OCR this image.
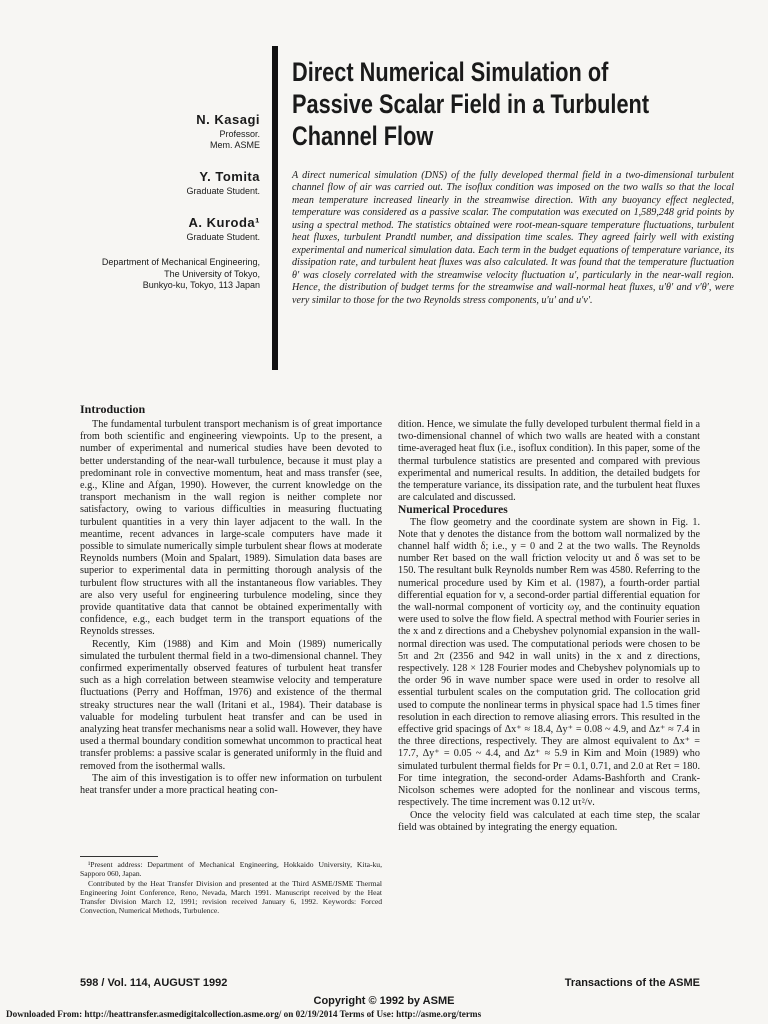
N. Kasagi

Professor.
Mem. ASME

Y. Tomita

Graduate Student.

A. Kuroda¹

Graduate Student.

Department of Mechanical Engineering,

The University of Tokyo,

Bunkyo-ku, Tokyo, 113 Japan

Direct Numerical Simulation of
Passive Scalar Field in a Turbulent
Channel Flow

A direct numerical simulation (DNS) of the fully developed thermal field in a two-dimensional turbulent channel flow of air was carried out. The isoflux condition was imposed on the two walls so that the local mean temperature increased linearly in the streamwise direction. With any buoyancy effect neglected, temperature was considered as a passive scalar. The computation was executed on 1,589,248 grid points by using a spectral method. The statistics obtained were root-mean-square temperature fluctuations, turbulent heat fluxes, turbulent Prandtl number, and dissipation time scales. They agreed fairly well with existing experimental and numerical simulation data. Each term in the budget equations of temperature variance, its dissipation rate, and turbulent heat fluxes was also calculated. It was found that the temperature fluctuation θ′ was closely correlated with the streamwise velocity fluctuation u′, particularly in the near-wall region. Hence, the distribution of budget terms for the streamwise and wall-normal heat fluxes, u′θ′ and v′θ′, were very similar to those for the two Reynolds stress components, u′u′ and u′v′.

Introduction

The fundamental turbulent transport mechanism is of great importance from both scientific and engineering viewpoints. Up to the present, a number of experimental and numerical studies have been devoted to better understanding of the near-wall turbulence, because it must play a predominant role in convective momentum, heat and mass transfer (see, e.g., Kline and Afgan, 1990). However, the current knowledge on the transport mechanism in the wall region is neither complete nor satisfactory, owing to various difficulties in measuring fluctuating turbulent quantities in a very thin layer adjacent to the wall. In the meantime, recent advances in large-scale computers have made it possible to simulate numerically simple turbulent shear flows at moderate Reynolds numbers (Moin and Spalart, 1989). Simulation data bases are superior to experimental data in permitting thorough analysis of the turbulent flow structures with all the instantaneous flow variables. They are also very useful for engineering turbulence modeling, since they provide quantitative data that cannot be obtained experimentally with confidence, e.g., each budget term in the transport equations of the Reynolds stresses.

Recently, Kim (1988) and Kim and Moin (1989) numerically simulated the turbulent thermal field in a two-dimensional channel. They confirmed experimentally observed features of turbulent heat transfer such as a high correlation between steamwise velocity and temperature fluctuations (Perry and Hoffman, 1976) and existence of the thermal streaky structures near the wall (Iritani et al., 1984). Their database is valuable for modeling turbulent heat transfer and can be used in analyzing heat transfer mechanisms near a solid wall. However, they have used a thermal boundary condition somewhat uncommon to practical heat transfer problems: a passive scalar is generated uniformly in the fluid and removed from the isothermal walls.

The aim of this investigation is to offer new information on turbulent heat transfer under a more practical heating con-

dition. Hence, we simulate the fully developed turbulent thermal field in a two-dimensional channel of which two walls are heated with a constant time-averaged heat flux (i.e., isoflux condition). In this paper, some of the thermal turbulence statistics are presented and compared with previous experimental and numerical results. In addition, the detailed budgets for the temperature variance, its dissipation rate, and the turbulent heat fluxes are calculated and discussed.

Numerical Procedures

The flow geometry and the coordinate system are shown in Fig. 1. Note that y denotes the distance from the bottom wall normalized by the channel half width δ; i.e., y = 0 and 2 at the two walls. The Reynolds number Reτ based on the wall friction velocity uτ and δ was set to be 150. The resultant bulk Reynolds number Rem was 4580. Referring to the numerical procedure used by Kim et al. (1987), a fourth-order partial differential equation for v, a second-order partial differential equation for the wall-normal component of vorticity ωy, and the continuity equation were used to solve the flow field. A spectral method with Fourier series in the x and z directions and a Chebyshev polynomial expansion in the wall-normal direction was used. The computational periods were chosen to be 5π and 2π (2356 and 942 in wall units) in the x and z directions, respectively. 128 × 128 Fourier modes and Chebyshev polynomials up to the order 96 in wave number space were used in order to resolve all essential turbulent scales on the computation grid. The collocation grid used to compute the nonlinear terms in physical space had 1.5 times finer resolution in each direction to remove aliasing errors. This resulted in the effective grid spacings of Δx⁺ ≈ 18.4, Δy⁺ = 0.08 ~ 4.9, and Δz⁺ ≈ 7.4 in the three directions, respectively. They are almost equivalent to Δx⁺ = 17.7, Δy⁺ = 0.05 ~ 4.4, and Δz⁺ ≈ 5.9 in Kim and Moin (1989) who simulated turbulent thermal fields for Pr = 0.1, 0.71, and 2.0 at Reτ = 180. For time integration, the second-order Adams-Bashforth and Crank-Nicolson schemes were adopted for the nonlinear and viscous terms, respectively. The time increment was 0.12 uτ²/ν.

Once the velocity field was calculated at each time step, the scalar field was obtained by integrating the energy equation.

¹Present address: Department of Mechanical Engineering, Hokkaido University, Kita-ku, Sapporo 060, Japan.

Contributed by the Heat Transfer Division and presented at the Third ASME/JSME Thermal Engineering Joint Conference, Reno, Nevada, March 1991. Manuscript received by the Heat Transfer Division March 12, 1991; revision received January 6, 1992. Keywords: Forced Convection, Numerical Methods, Turbulence.

598 / Vol. 114, AUGUST 1992	Transactions of the ASME
Copyright © 1992 by ASME
Downloaded From: http://heattransfer.asmedigitalcollection.asme.org/ on 02/19/2014 Terms of Use: http://asme.org/terms
